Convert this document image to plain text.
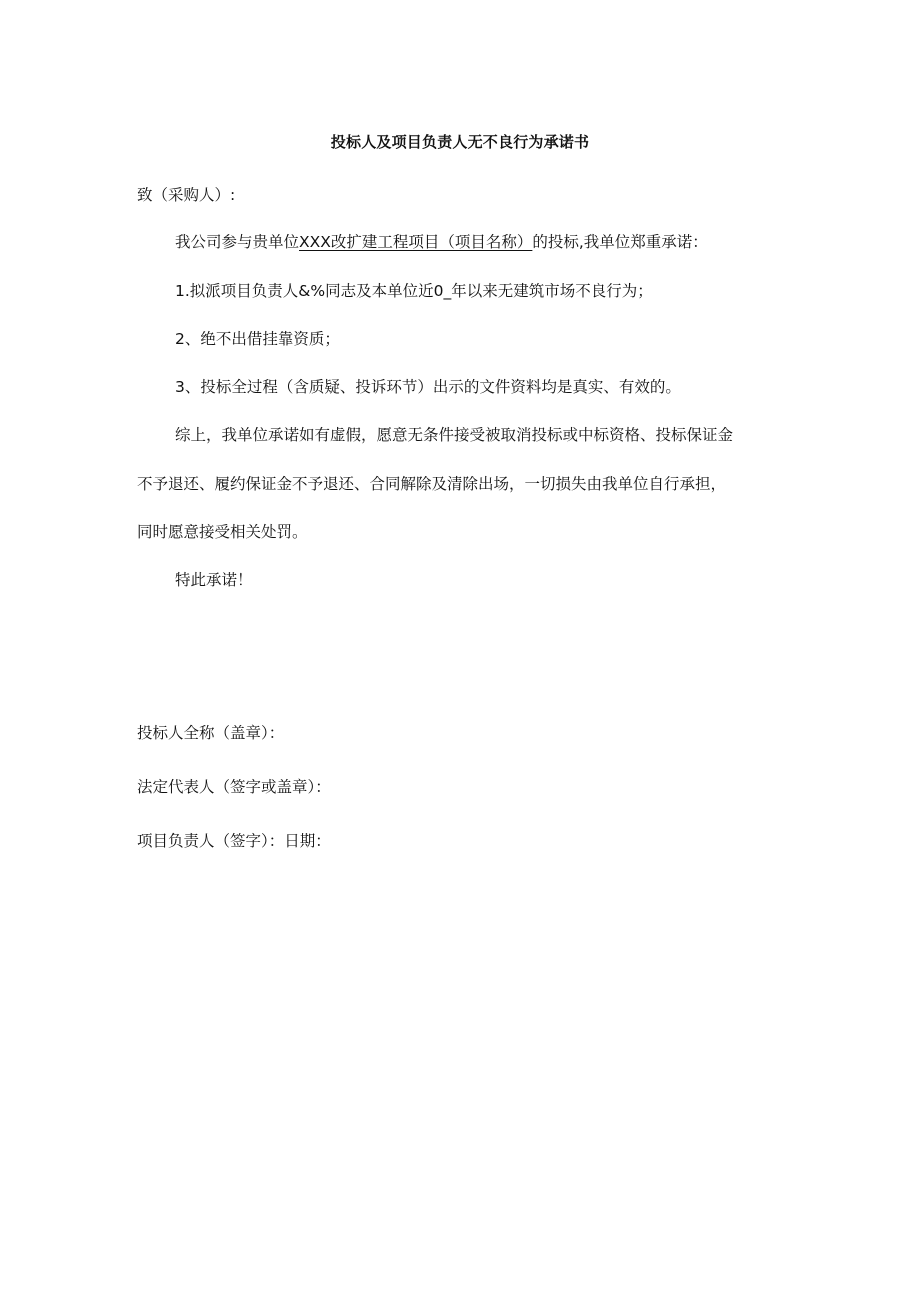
投标人及项目负责人无不良行为承诺书
致（采购人）:
我公司参与贵单位XXX改扩建工程项目（项目名称）的投标,我单位郑重承诺：
1.拟派项目负责人&%同志及本单位近0_年以来无建筑市场不良行为；
2、绝不出借挂靠资质；
3、投标全过程（含质疑、投诉环节）出示的文件资料均是真实、有效的。
综上，我单位承诺如有虚假，愿意无条件接受被取消投标或中标资格、投标保证金
不予退还、履约保证金不予退还、合同解除及清除出场，一切损失由我单位自行承担，
同时愿意接受相关处罚。
特此承诺！
投标人全称（盖章）：
法定代表人（签字或盖章）：
项目负责人（签字）：日期：
